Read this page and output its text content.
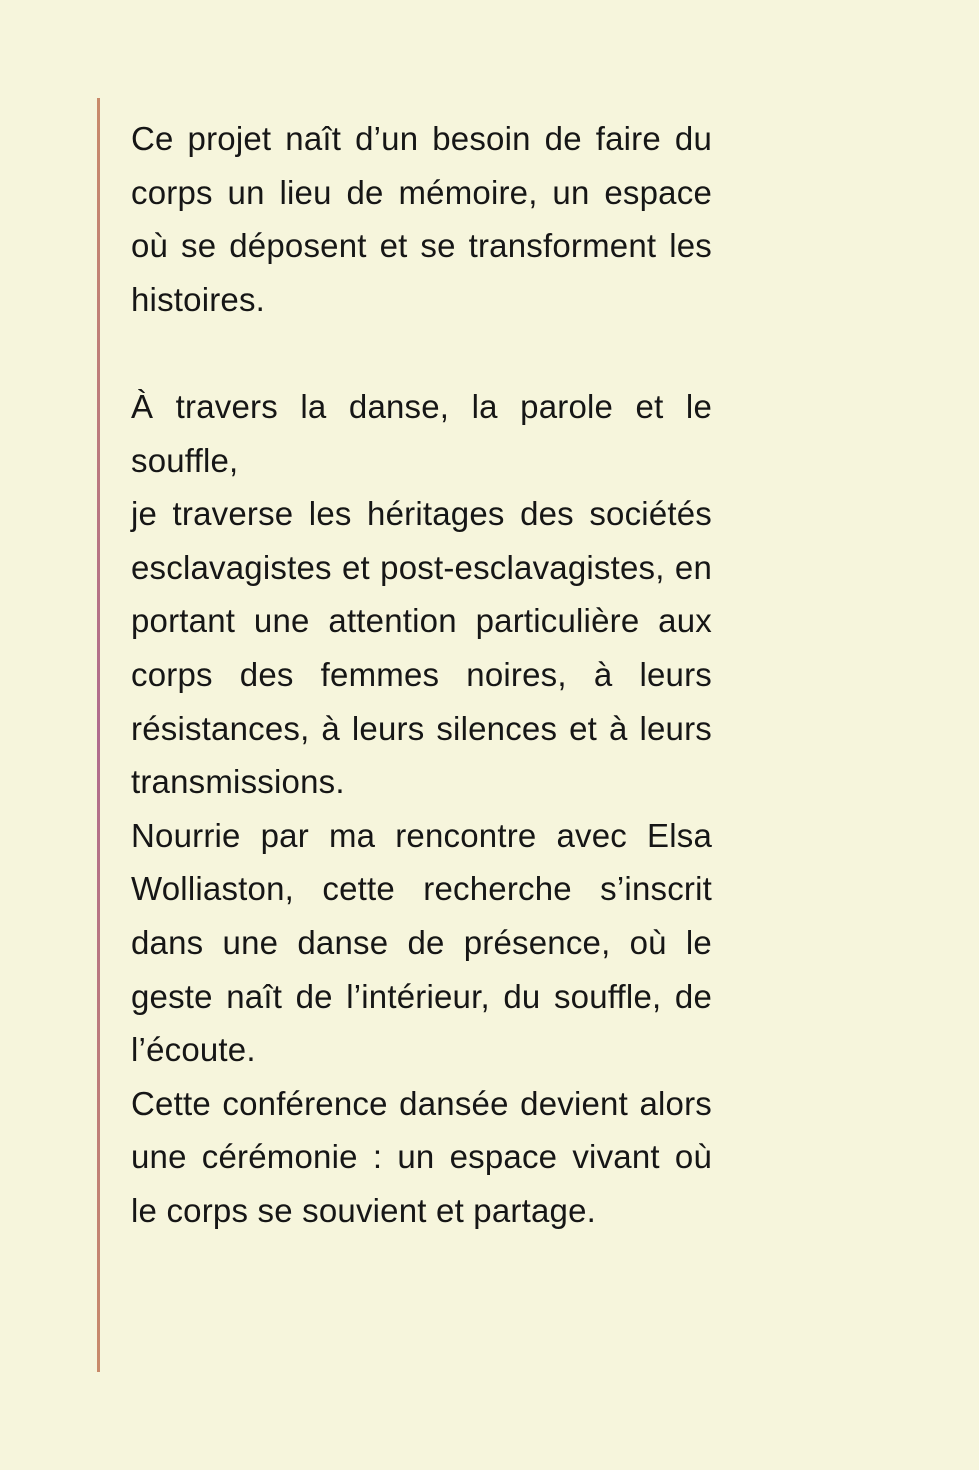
Ce projet naît d’un besoin de faire du corps un lieu de mémoire, un espace où se déposent et se transforment les histoires.

À travers la danse, la parole et le souffle,

je traverse les héritages des sociétés esclavagistes et post-esclavagistes, en portant une attention particulière aux corps des femmes noires, à leurs résistances, à leurs silences et à leurs transmissions.

Nourrie par ma rencontre avec Elsa Wolliaston, cette recherche s’inscrit dans une danse de présence, où le geste naît de l’intérieur, du souffle, de l’écoute.

Cette conférence dansée devient alors une cérémonie : un espace vivant où le corps se souvient et partage.
